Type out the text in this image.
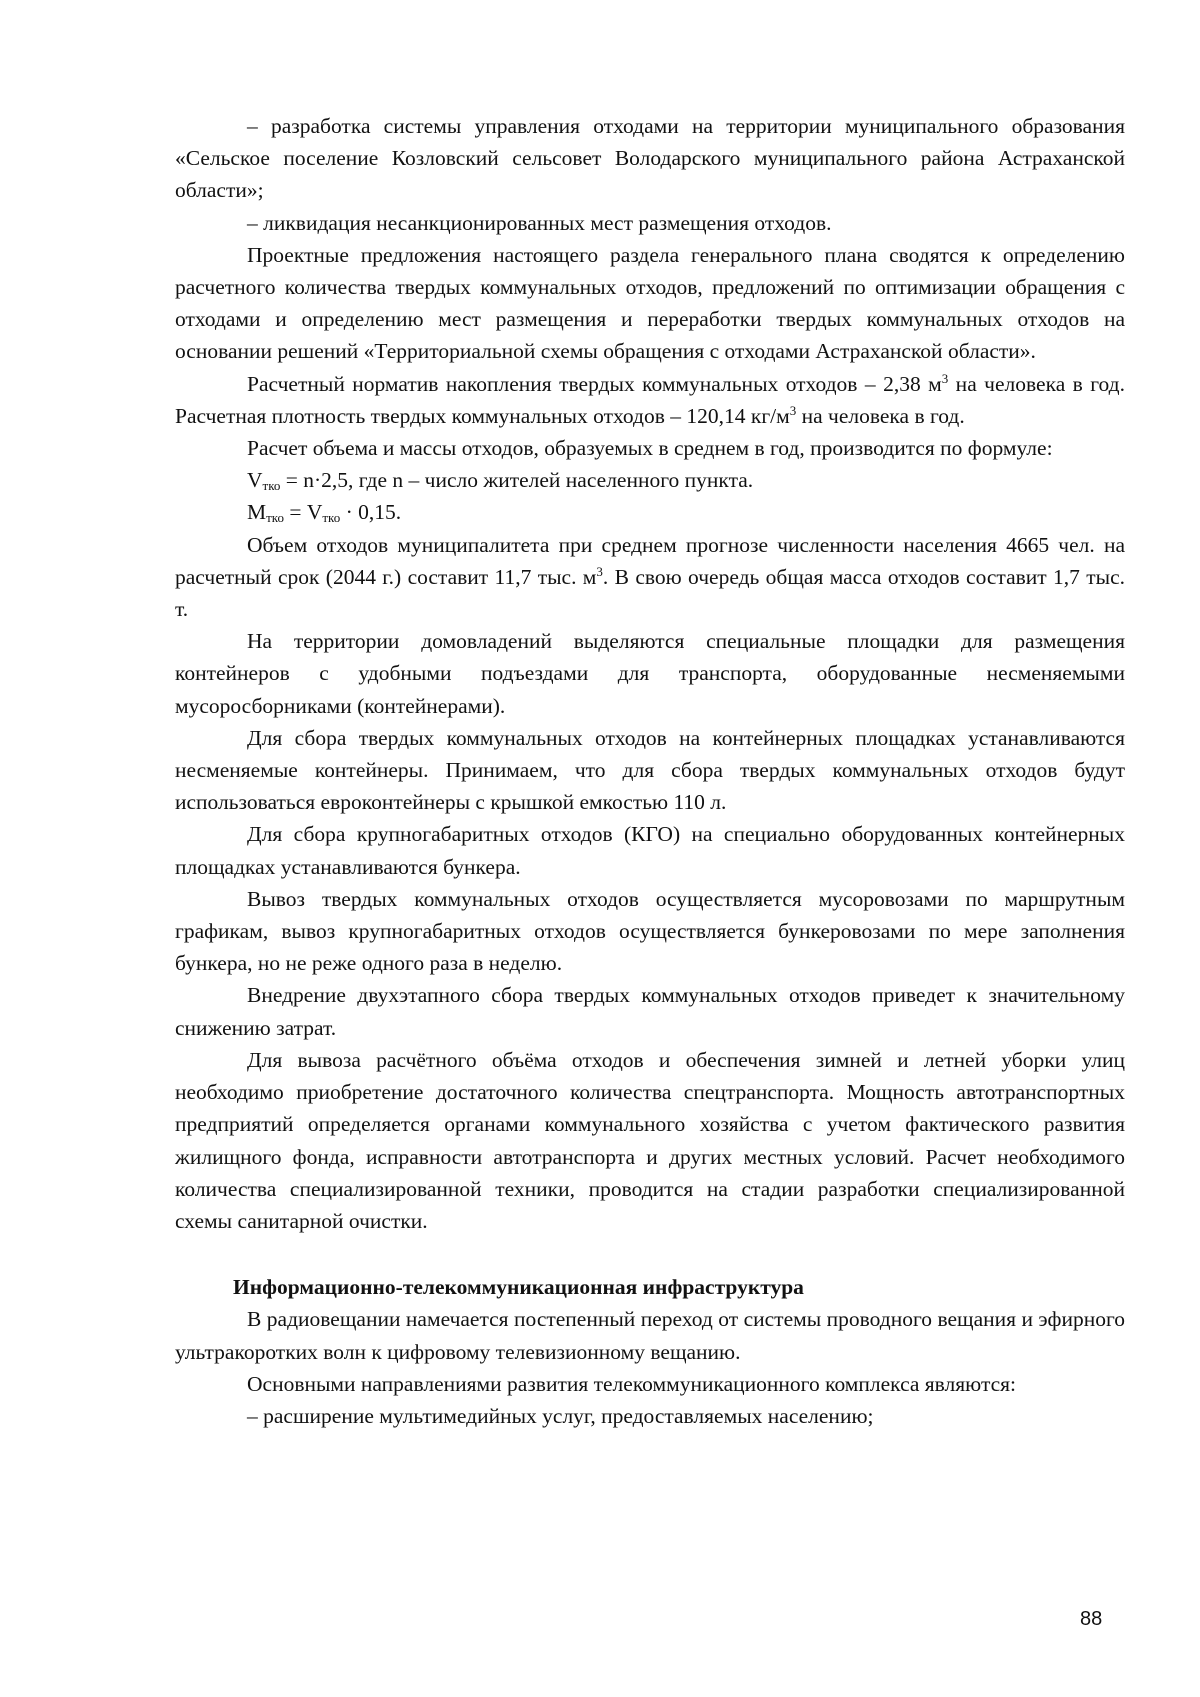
– разработка системы управления отходами на территории муниципального образования «Сельское поселение Козловский сельсовет Володарского муниципального района Астраханской области»;

– ликвидация несанкционированных мест размещения отходов.

Проектные предложения настоящего раздела генерального плана сводятся к определению расчетного количества твердых коммунальных отходов, предложений по оптимизации обращения с отходами и определению мест размещения и переработки твердых коммунальных отходов на основании решений «Территориальной схемы обращения с отходами Астраханской области».

Расчетный норматив накопления твердых коммунальных отходов – 2,38 $м^3$ на человека в год. Расчетная плотность твердых коммунальных отходов – 120,14 $кг/м^3$ на человека в год.

Расчет объема и массы отходов, образуемых в среднем в год, производится по формуле:

$V_{тко} = n\cdot 2,5$, где n – число жителей населенного пункта.

$M_{тко} = V_{тко} \cdot 0,15$.

Объем отходов муниципалитета при среднем прогнозе численности населения 4665 чел. на расчетный срок (2044 г.) составит 11,7 тыс. $м^3$. В свою очередь общая масса отходов составит 1,7 тыс. т.

На территории домовладений выделяются специальные площадки для размещения контейнеров с удобными подъездами для транспорта, оборудованные несменяемыми мусоросборниками (контейнерами).

Для сбора твердых коммунальных отходов на контейнерных площадках устанавливаются несменяемые контейнеры. Принимаем, что для сбора твердых коммунальных отходов будут использоваться евроконтейнеры с крышкой емкостью 110 л.

Для сбора крупногабаритных отходов (КГО) на специально оборудованных контейнерных площадках устанавливаются бункера.

Вывоз твердых коммунальных отходов осуществляется мусоровозами по маршрутным графикам, вывоз крупногабаритных отходов осуществляется бункеровозами по мере заполнения бункера, но не реже одного раза в неделю.

Внедрение двухэтапного сбора твердых коммунальных отходов приведет к значительному снижению затрат.

Для вывоза расчётного объёма отходов и обеспечения зимней и летней уборки улиц необходимо приобретение достаточного количества спецтранспорта. Мощность автотранспортных предприятий определяется органами коммунального хозяйства с учетом фактического развития жилищного фонда, исправности автотранспорта и других местных условий. Расчет необходимого количества специализированной техники, проводится на стадии разработки специализированной схемы санитарной очистки.

Информационно-телекоммуникационная инфраструктура

В радиовещании намечается постепенный переход от системы проводного вещания и эфирного ультракоротких волн к цифровому телевизионному вещанию.

Основными направлениями развития телекоммуникационного комплекса являются:

– расширение мультимедийных услуг, предоставляемых населению;

88
